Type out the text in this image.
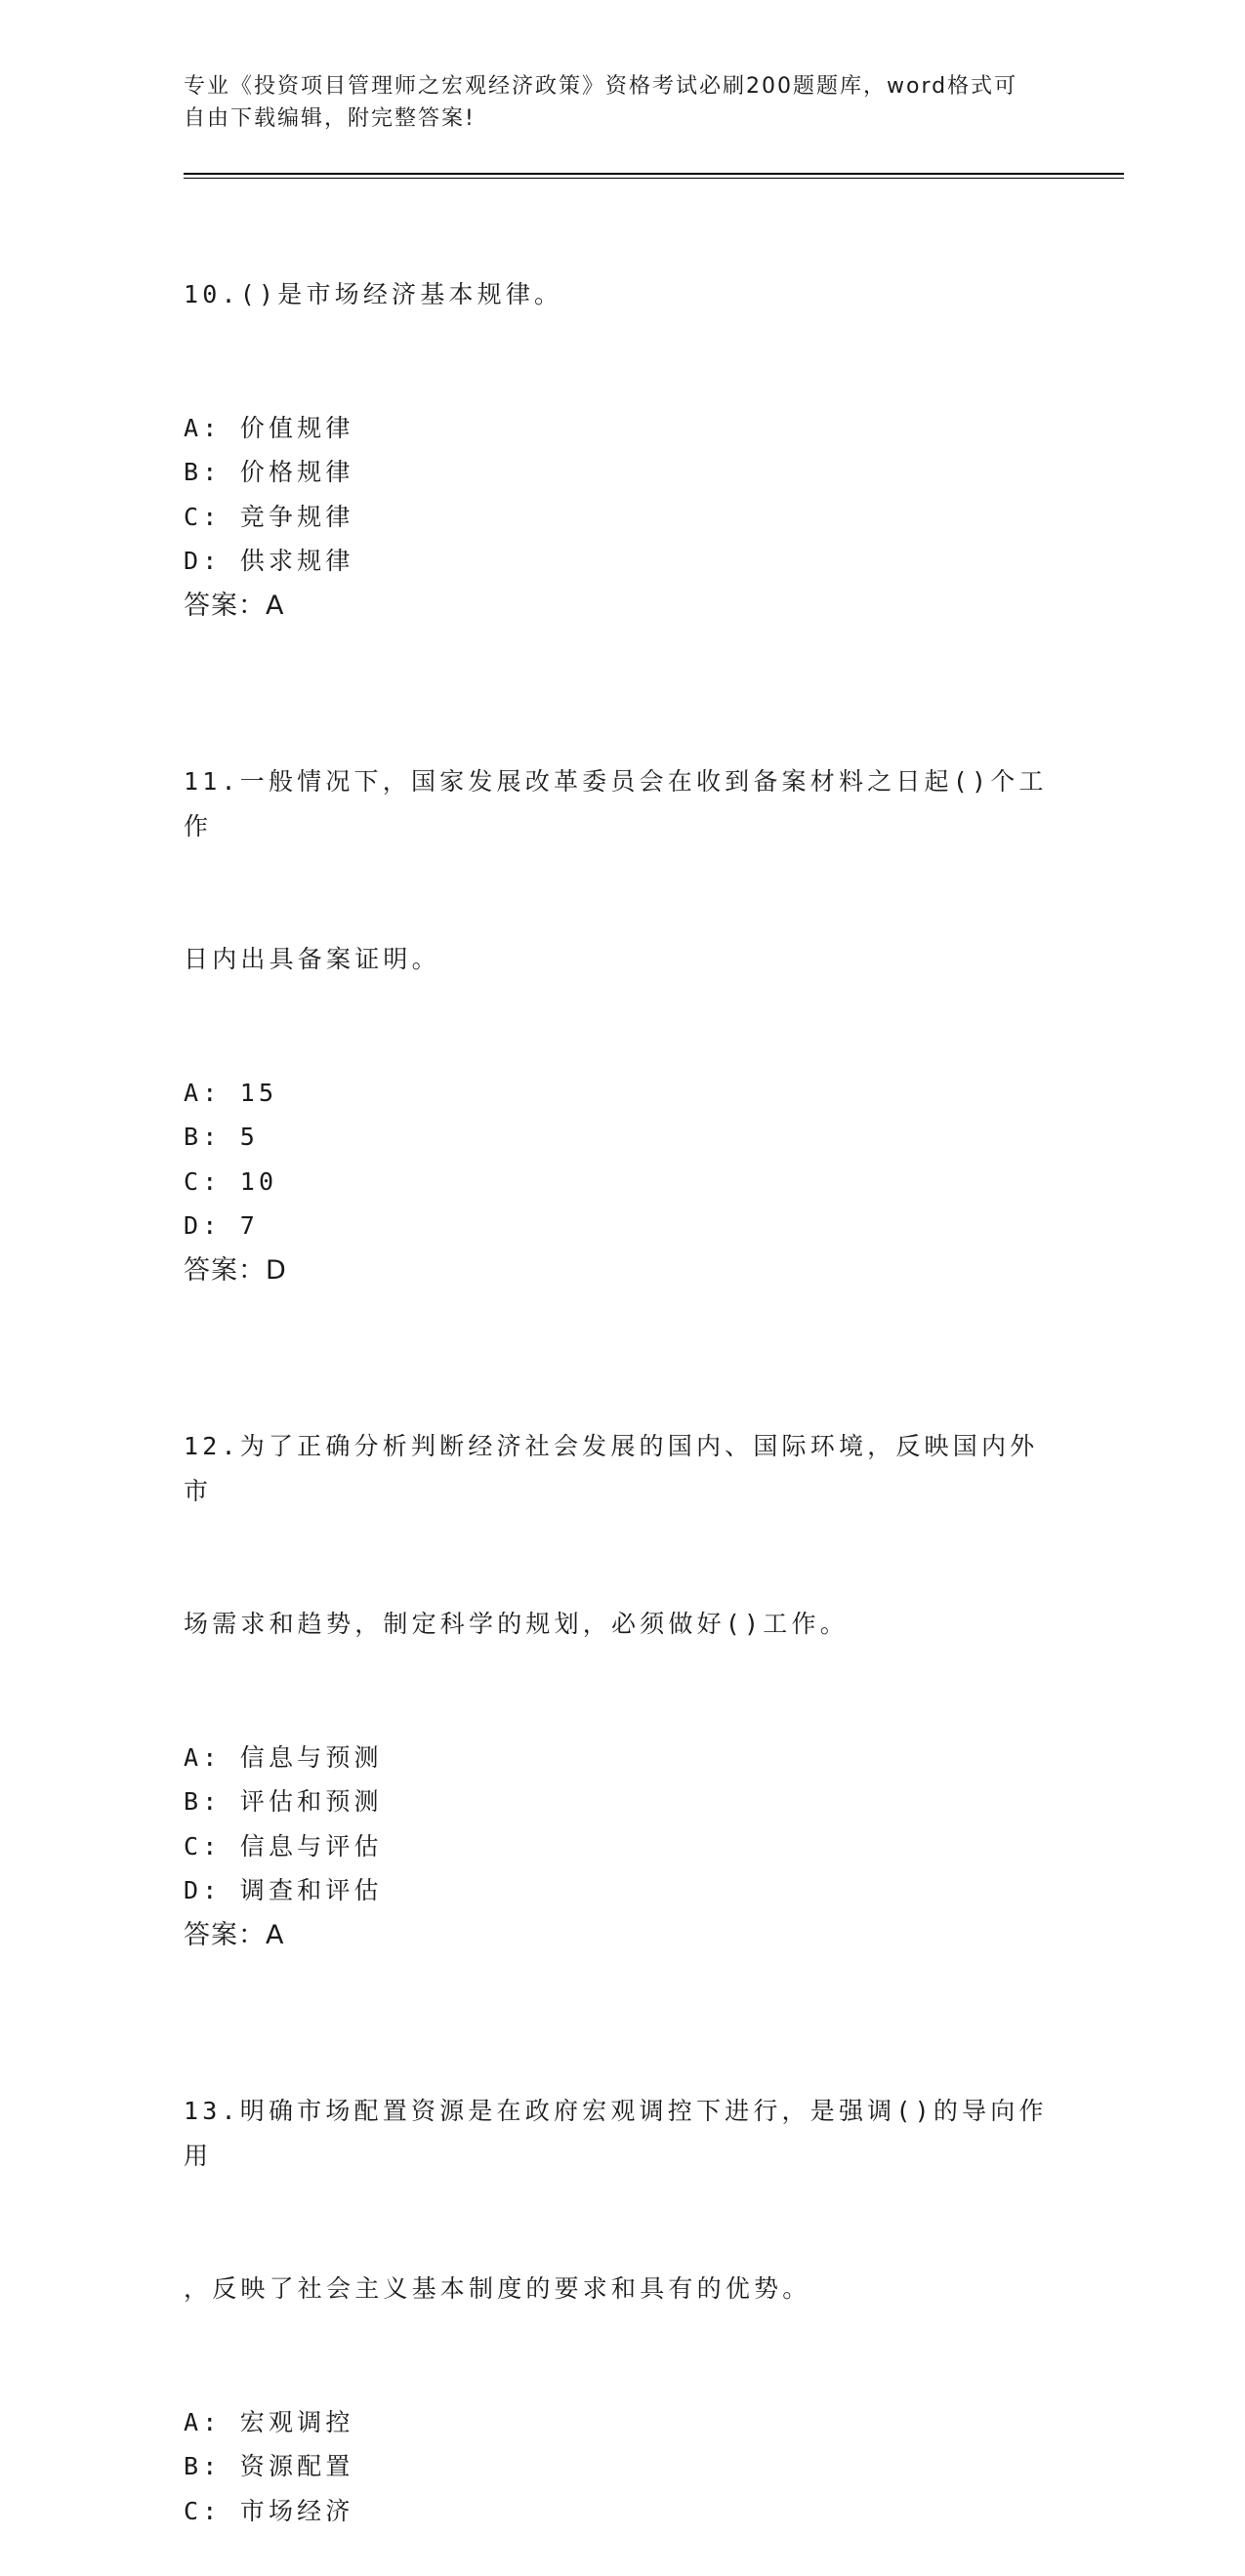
专业《投资项目管理师之宏观经济政策》资格考试必刷200题题库，word格式可
自由下载编辑，附完整答案!

10.()是市场经济基本规律。

A: 价值规律
B: 价格规律
C: 竞争规律
D: 供求规律
答案：A

11.一般情况下，国家发展改革委员会在收到备案材料之日起()个工作

日内出具备案证明。

A: 15
B: 5
C: 10
D: 7
答案：D

12.为了正确分析判断经济社会发展的国内、国际环境，反映国内外市

场需求和趋势，制定科学的规划，必须做好()工作。

A: 信息与预测
B: 评估和预测
C: 信息与评估
D: 调查和评估
答案：A

13.明确市场配置资源是在政府宏观调控下进行，是强调()的导向作用

，反映了社会主义基本制度的要求和具有的优势。

A: 宏观调控
B: 资源配置
C: 市场经济
